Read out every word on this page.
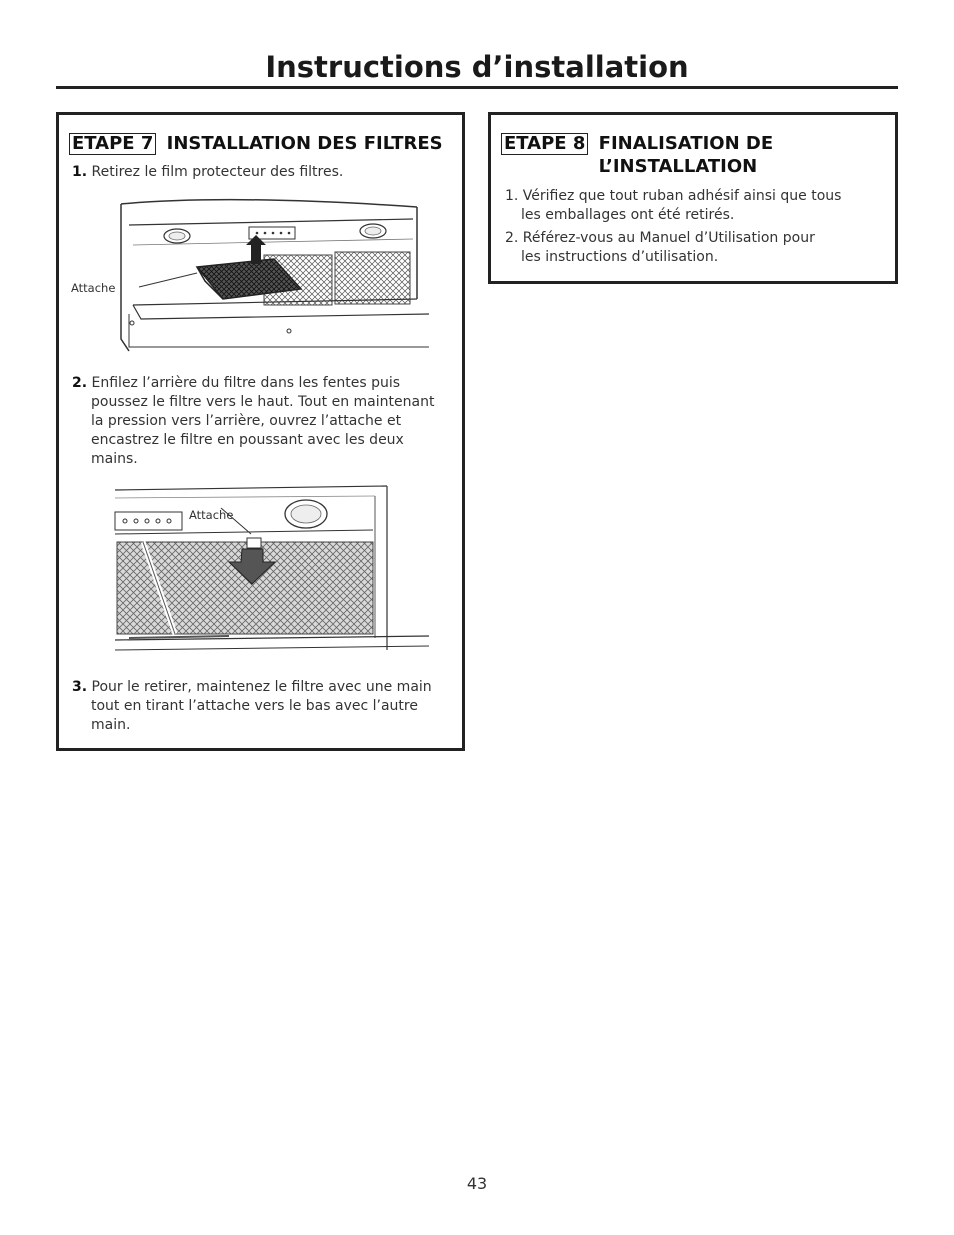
Instructions d’installation
ETAPE 7 INSTALLATION DES FILTRES
1. Retirez le film protecteur des filtres.
Attache
2. Enfilez l’arrière du filtre dans les fentes puis
poussez le filtre vers le haut. Tout en maintenant
la pression vers l’arrière, ouvrez l’attache et
encastrez le filtre en poussant avec les deux
mains.
Attache
3. Pour le retirer, maintenez le filtre avec une main
tout en tirant l’attache vers le bas avec l’autre
main.
ETAPE 8 FINALISATION DE
L’INSTALLATION
1. Vérifiez que tout ruban adhésif ainsi que tous
les emballages ont été retirés.
2. Référez-vous au Manuel d’Utilisation pour
les instructions d’utilisation.
43
